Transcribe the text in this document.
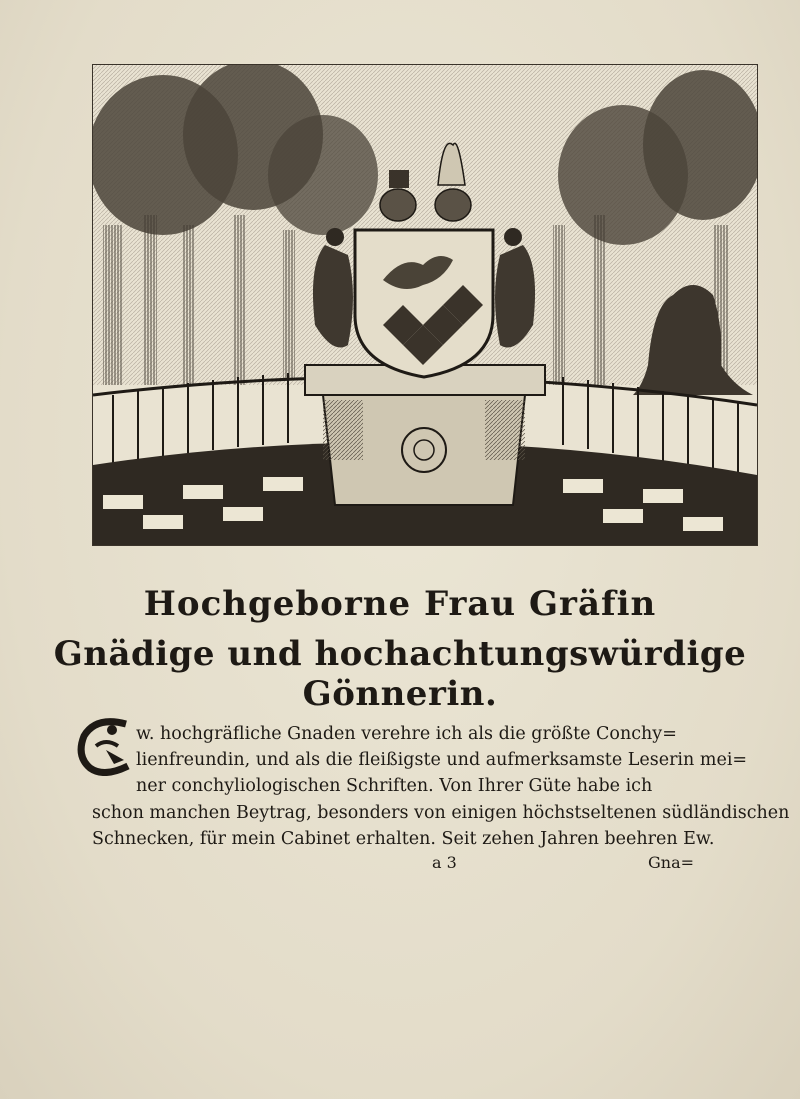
Hochgeborne Frau Gräfin
Gnädige und hochachtungswürdige Gönnerin.
w. hochgräfliche Gnaden verehre ich als die größte Conchy=
lienfreundin, und als die fleißigste und aufmerksamste Leserin mei=
ner conchyliologischen Schriften. Von Ihrer Güte habe ich
schon manchen Beytrag, besonders von einigen höchstseltenen südländischen
Schnecken, für mein Cabinet erhalten. Seit zehen Jahren beehren Ew.
a 3	Gna=
